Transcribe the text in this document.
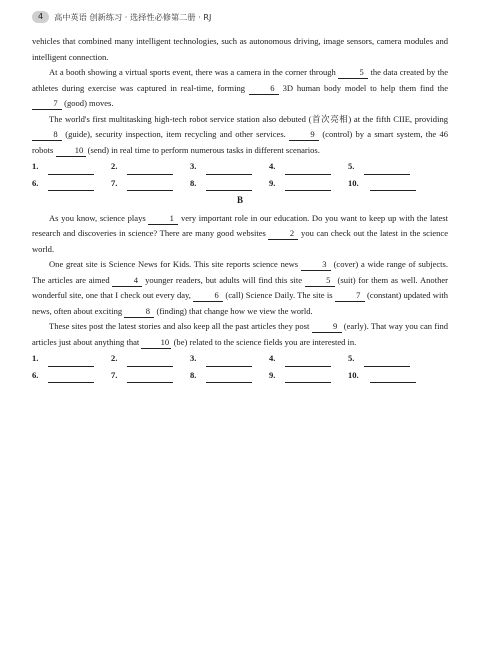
4	高中英语 创新练习 · 选择性必修第二册 · RJ

vehicles that combined many intelligent technologies, such as autonomous driving, image sensors, camera modules and intelligent connection.

At a booth showing a virtual sports event, there was a camera in the corner through 5 the data created by the athletes during exercise was captured in real-time, forming 6 3D human body model to help them find the 7 (good) moves.

The world's first multitasking high-tech robot service station also debuted (首次亮相) at the fifth CIIE, providing 8 (guide), security inspection, item recycling and other services. 9 (control) by a smart system, the 46 robots 10 (send) in real time to perform numerous tasks in different scenarios.

1.	2.	3.	4.	5.
6.	7.	8.	9.	10.
B

As you know, science plays 1 very important role in our education. Do you want to keep up with the latest research and discoveries in science? There are many good websites 2 you can check out the latest in the science world.

One great site is Science News for Kids. This site reports science news 3 (cover) a wide range of subjects. The articles are aimed 4 younger readers, but adults will find this site 5 (suit) for them as well. Another wonderful site, one that I check out every day, 6 (call) Science Daily. The site is 7 (constant) updated with news, often about exciting 8 (finding) that change how we view the world.

These sites post the latest stories and also keep all the past articles they post 9 (early). That way you can find articles just about anything that 10 (be) related to the science fields you are interested in.

1.	2.	3.	4.	5.
6.	7.	8.	9.	10.
